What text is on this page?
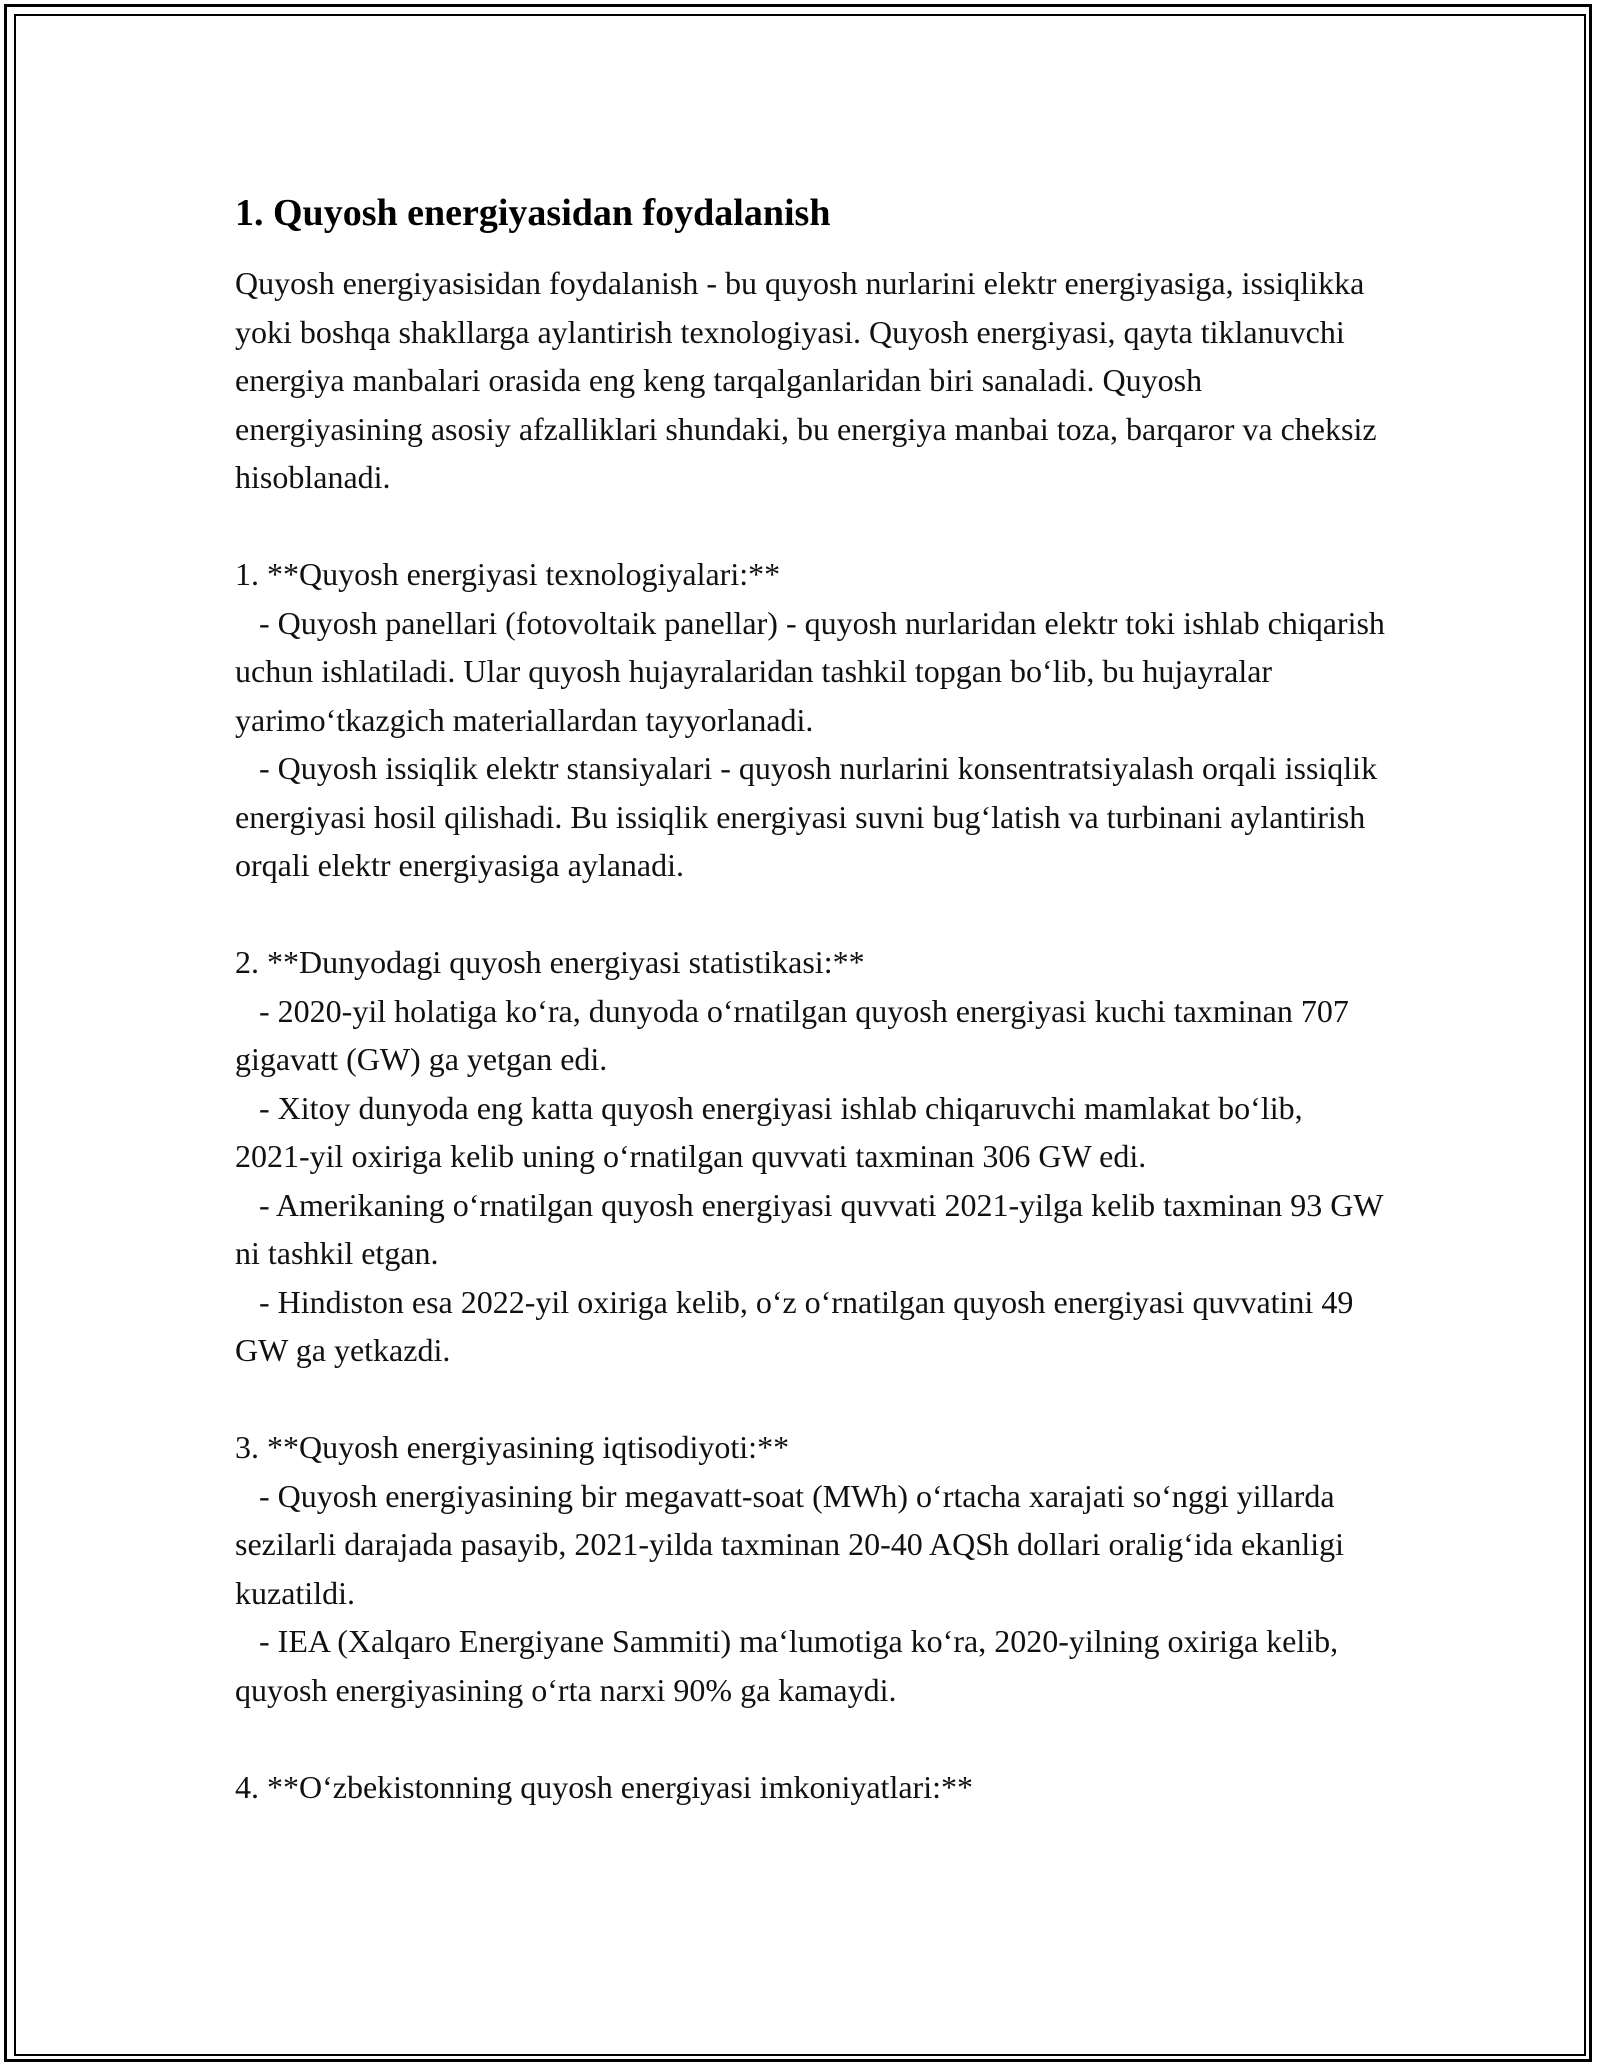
1. Quyosh energiyasidan foydalanish

Quyosh energiyasisidan foydalanish - bu quyosh nurlarini elektr energiyasiga, issiqlikka yoki boshqa shakllarga aylantirish texnologiyasi. Quyosh energiyasi, qayta tiklanuvchi energiya manbalari orasida eng keng tarqalganlaridan biri sanaladi. Quyosh energiyasining asosiy afzalliklari shundaki, bu energiya manbai toza, barqaror va cheksiz hisoblanadi.

1. **Quyosh energiyasi texnologiyalari:**

- Quyosh panellari (fotovoltaik panellar) - quyosh nurlaridan elektr toki ishlab chiqarish uchun ishlatiladi. Ular quyosh hujayralaridan tashkil topgan bo‘lib, bu hujayralar yarimo‘tkazgich materiallardan tayyorlanadi.

- Quyosh issiqlik elektr stansiyalari - quyosh nurlarini konsentratsiyalash orqali issiqlik energiyasi hosil qilishadi. Bu issiqlik energiyasi suvni bug‘latish va turbinani aylantirish orqali elektr energiyasiga aylanadi.

2. **Dunyodagi quyosh energiyasi statistikasi:**

- 2020-yil holatiga ko‘ra, dunyoda o‘rnatilgan quyosh energiyasi kuchi taxminan 707 gigavatt (GW) ga yetgan edi.

- Xitoy dunyoda eng katta quyosh energiyasi ishlab chiqaruvchi mamlakat bo‘lib, 2021-yil oxiriga kelib uning o‘rnatilgan quvvati taxminan 306 GW edi.

- Amerikaning o‘rnatilgan quyosh energiyasi quvvati 2021-yilga kelib taxminan 93 GW ni tashkil etgan.

- Hindiston esa 2022-yil oxiriga kelib, o‘z o‘rnatilgan quyosh energiyasi quvvatini 49 GW ga yetkazdi.

3. **Quyosh energiyasining iqtisodiyoti:**

- Quyosh energiyasining bir megavatt-soat (MWh) o‘rtacha xarajati so‘nggi yillarda sezilarli darajada pasayib, 2021-yilda taxminan 20-40 AQSh dollari oralig‘ida ekanligi kuzatildi.

- IEA (Xalqaro Energiyane Sammiti) ma‘lumotiga ko‘ra, 2020-yilning oxiriga kelib, quyosh energiyasining o‘rta narxi 90% ga kamaydi.

4. **O‘zbekistonning quyosh energiyasi imkoniyatlari:**
